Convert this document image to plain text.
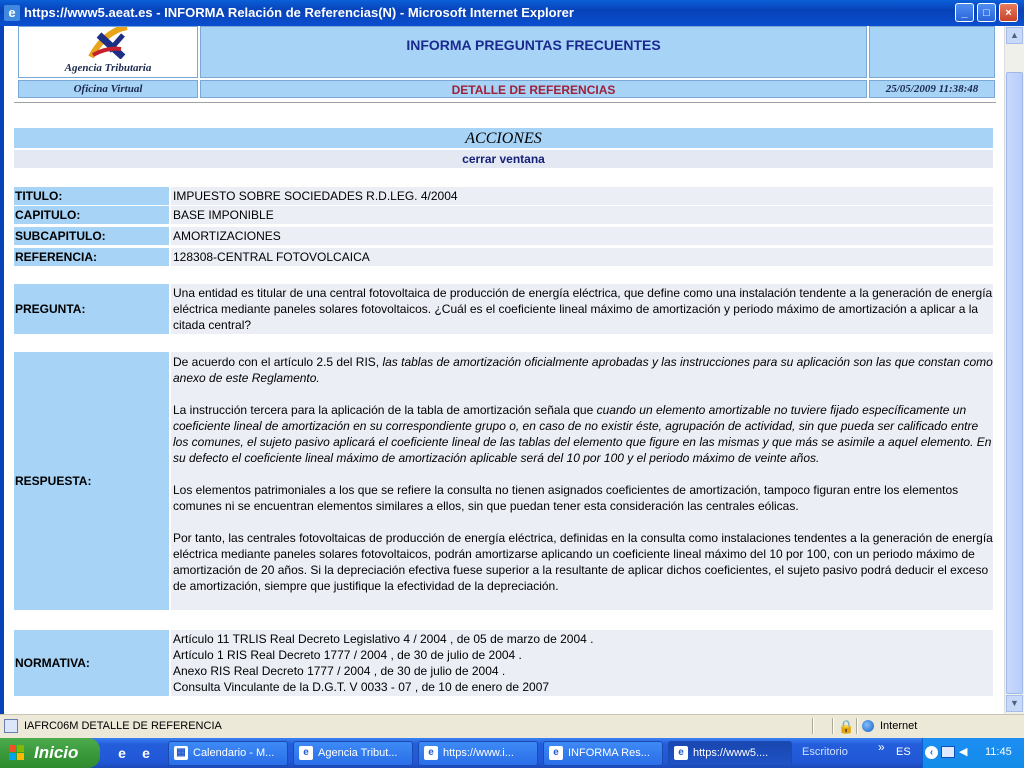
e https://www5.aeat.es - INFORMA Relación de Referencias(N) - Microsoft Internet Explorer	_	□	×
Agencia Tributaria
INFORMA PREGUNTAS FRECUENTES
Oficina Virtual	DETALLE DE REFERENCIAS	25/05/2009 11:38:48
ACCIONES
cerrar ventana
TITULO:	IMPUESTO SOBRE SOCIEDADES R.D.LEG. 4/2004
CAPITULO:	BASE IMPONIBLE
SUBCAPITULO:	AMORTIZACIONES
REFERENCIA:	128308-CENTRAL FOTOVOLCAICA
PREGUNTA:
Una entidad es titular de una central fotovoltaica de producción de energía eléctrica, que define como una instalación tendente a la generación de energía eléctrica mediante paneles solares fotovoltaicos. ¿Cuál es el coeficiente lineal máximo de amortización y periodo máximo de amortización a aplicar a la citada central?
RESPUESTA:

De acuerdo con el artículo 2.5 del RIS, las tablas de amortización oficialmente aprobadas y las instrucciones para su aplicación son las que constan como anexo de este Reglamento.

La instrucción tercera para la aplicación de la tabla de amortización señala que cuando un elemento amortizable no tuviere fijado específicamente un coeficiente lineal de amortización en su correspondiente grupo o, en caso de no existir éste, agrupación de actividad, sin que pueda ser calificado entre los comunes, el sujeto pasivo aplicará el coeficiente lineal de las tablas del elemento que figure en las mismas y que más se asimile a aquel elemento. En su defecto el coeficiente lineal máximo de amortización aplicable será del 10 por 100 y el periodo máximo de veinte años.

Los elementos patrimoniales a los que se refiere la consulta no tienen asignados coeficientes de amortización, tampoco figuran entre los elementos comunes ni se encuentran elementos similares a ellos, sin que puedan tener esta consideración las centrales eólicas.

Por tanto, las centrales fotovoltaicas de producción de energía eléctrica, definidas en la consulta como instalaciones tendentes a la generación de energía eléctrica mediante paneles solares fotovoltaicos, podrán amortizarse aplicando un coeficiente lineal máximo del 10 por 100, con un periodo máximo de amortización de 20 años. Si la depreciación efectiva fuese superior a la resultante de aplicar dichos coeficientes, el sujeto pasivo podrá deducir el exceso de amortización, siempre que justifique la efectividad de la depreciación.

NORMATIVA:
Artículo 11 TRLIS Real Decreto Legislativo 4 / 2004 , de 05 de marzo de 2004 .
Artículo 1 RIS Real Decreto 1777 / 2004 , de 30 de julio de 2004 .
Anexo RIS Real Decreto 1777 / 2004 , de 30 de julio de 2004 .
Consulta Vinculante de la D.G.T. V 0033 - 07 , de 10 de enero de 2007
▲
▼
IAFRC06M DETALLE DE REFERENCIA	🔒 Internet
Inicio	e e	▦ Calendario - M...	e Agencia Tribut...	e https://www.i...	e INFORMA Res...	e https://www5....	Escritorio	» ES	‹	◀ 11:45
